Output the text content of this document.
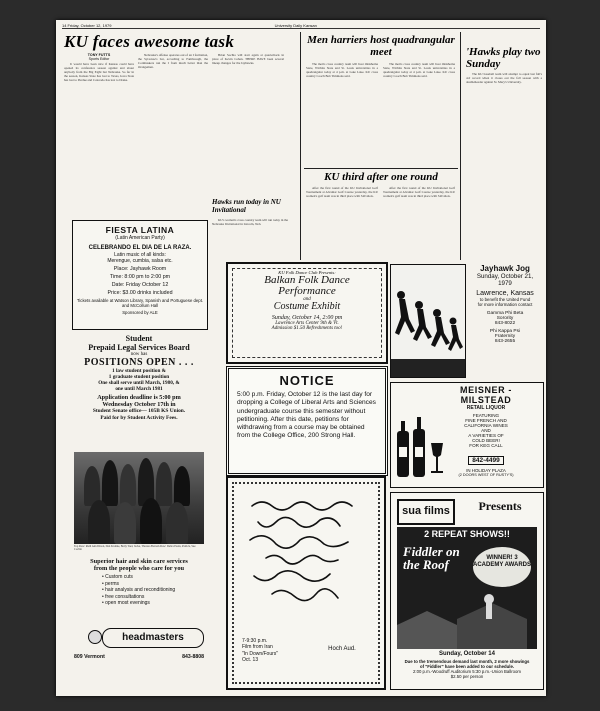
14 Friday, October 12, 1979	University Daily Kansan
KU faces awesome task
TONY FUTTS
Sports Editor

It would have been nice if Kansas could have opened its conference season against and about anybody from the Big Eight but Nebraska. So far in the season, Kansas State has lost to Texas, Iowa State has lost to Purdue and Colorado has lost to Drake.

Nebraska's offense operates out of an I formation, the Syracuse's bar, according to Fambrough, the Cornhuskers run the I from much better than the Orangemen.

Brian Sochia will start again at quarterback in place of Kevin Cohen. THERE HAVE been several lineup changes for the Jayhawks.

Men harriers host quadrangular meet

The men's cross country team will host Oklahoma State, Wichita State and St. Louis universities in a quadrangular today at 4 p.m. at Lake Lake. KU cross country Coach Bob Timmons said.

The men's cross country team will host Oklahoma State, Wichita State and St. Louis universities in a quadrangular today at 4 p.m. at Lake Lake. KU cross country Coach Bob Timmons said.

KU third after one round

After the first round of the KU Invitational Golf Tournament at Alvamar Golf Course yesterday, the KU women's golf team was in third place with 340 shots.

After the first round of the KU Invitational Golf Tournament at Alvamar Golf Course yesterday, the KU women's golf team was in third place with 340 shots.

'Hawks play two Sunday

The KU baseball team will attempt to equal last fall's 4-0 record when it closes out the fall season with a doubleheader against St. Mary's University.

Hawks run today in NU Invitational

KU's women's cross country team will run today in the Nebraska Invitational in Lincoln, Neb.

FIESTA LATINA
(Latin American Party)
CELEBRANDO EL DIA DE LA RAZA.
Latin music of all kinds:
Merengue, cumbia, salsa etc.
Place: Jayhawk Room
Time: 8:00 pm to 2:00 pm
Date: Friday October 12
Price: $3.00 drinks included
Tickets available at Watson Library, Spanish and Portuguese dept. and McCollum Hall
Sponsored by ALE
Student
Prepaid Legal Services Board
now has
POSITIONS OPEN . . .
1 law student position &
1 graduate student position
One shall serve until March, 1980, &
one until March 1981
Application deadline is 5:00 pm
Wednesday October 17th in
Student Senate office— 105B KS Union.
Paid for by Student Activity Fees.
Top Row: Ruth Ann Dixon, Dan Krohne, Betty Tuel, Jacka, Therasa Bottom Row: Debra Paula, Patrick, Sue Corbin
Superior hair and skin care services
from the people who care for you
• Custom cuts
• perms
• hair analysis and reconditioning
• free consultations
• open most evenings
headmasters
809 Vermont	843-8808
KU Folk Dance Club Presents:
Balkan Folk Dance
Performance
and
Costume Exhibit
Sunday, October 14, 2:00 pm
Lawrence Arts Center 9th & Vt.
Admission $1.50 Refreshments too!
NOTICE
5:00 p.m. Friday, October 12 is the last day for dropping a College of Liberal Arts and Sciences undergraduate course this semester without petitioning. After this date, petitions for withdrawing from a course may be obtained from the College Office, 200 Strong Hall.
7-9:30 p.m.
Film from Iran
"In Down/Fours"
Oct. 13
Hoch Aud.
Jayhawk Jog
Sunday, October 21,
1979
Lawrence, Kansas
to benefit the United Fund
for more information contact
Gamma Phi Beta
Sorority
843-8022
Phi Kappa Psi
Fraternity
843-2655
MEISNER -
MILSTEAD
RETAIL LIQUOR
FEATURING
FINE FRENCH AND
CALIFORNIA WINES
AND
A VARIETIES OF
COLD BEER!
FOR KEG CALL
842-4499
IN HOLIDAY PLAZA
(2 DOORS WEST OF RUSTY'S)
sua films	Presents
2 REPEAT SHOWS!!
Fiddler on the Roof	WINNER! 3 ACADEMY AWARDS
Sunday, October 14
Due to the tremendous demand last month, 2 more showings
of "Fiddler" have been added to our schedule.
2:00 p.m.-Woodruff Auditorium 5:30 p.m.-Union Ballroom
$2.50 per person
